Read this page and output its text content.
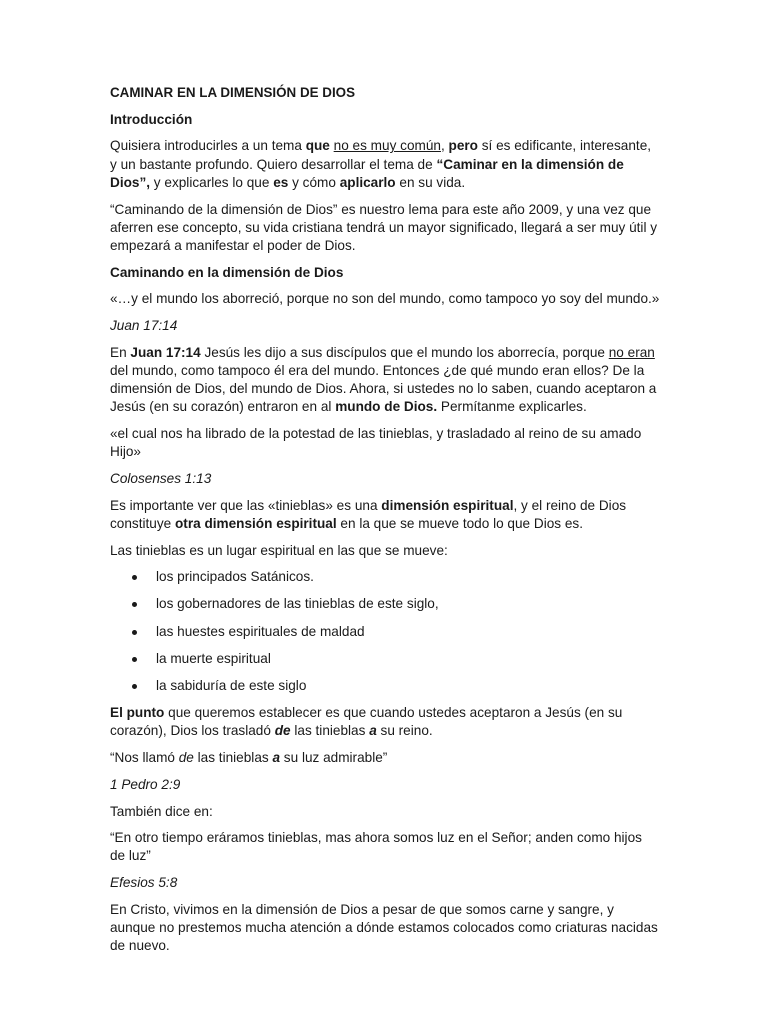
CAMINAR EN LA DIMENSIÓN DE DIOS
Introducción
Quisiera introducirles a un tema que no es muy común, pero sí es edificante, interesante, y un bastante profundo. Quiero desarrollar el tema de “Caminar en la dimensión de Dios”, y explicarles lo que es y cómo aplicarlo en su vida.
“Caminando de la dimensión de Dios” es nuestro lema para este año 2009, y una vez que aferren ese concepto, su vida cristiana tendrá un mayor significado, llegará a ser muy útil y empezará a manifestar el poder de Dios.
Caminando en la dimensión de Dios
«…y el mundo los aborreció, porque no son del mundo, como tampoco yo soy del mundo.»
Juan 17:14
En Juan 17:14 Jesús les dijo a sus discípulos que el mundo los aborrecía, porque no eran del mundo, como tampoco él era del mundo. Entonces ¿de qué mundo eran ellos? De la dimensión de Dios, del mundo de Dios. Ahora, si ustedes no lo saben, cuando aceptaron a Jesús (en su corazón) entraron en al mundo de Dios. Permítanme explicarles.
«el cual nos ha librado de la potestad de las tinieblas, y trasladado al reino de su amado Hijo»
Colosenses 1:13
Es importante ver que las «tinieblas» es una dimensión espiritual, y el reino de Dios constituye otra dimensión espiritual en la que se mueve todo lo que Dios es.
Las tinieblas es un lugar espiritual en las que se mueve:
los principados Satánicos.
los gobernadores de las tinieblas de este siglo,
las huestes espirituales de maldad
la muerte espiritual
la sabiduría de este siglo
El punto que queremos establecer es que cuando ustedes aceptaron a Jesús (en su corazón), Dios los trasladó de las tinieblas a su reino.
“Nos llamó de las tinieblas a su luz admirable”
1 Pedro 2:9
También dice en:
“En otro tiempo eráramos tinieblas, mas ahora somos luz en el Señor; anden como hijos de luz”
Efesios 5:8
En Cristo, vivimos en la dimensión de Dios a pesar de que somos carne y sangre, y aunque no prestemos mucha atención a dónde estamos colocados como criaturas nacidas de nuevo.
